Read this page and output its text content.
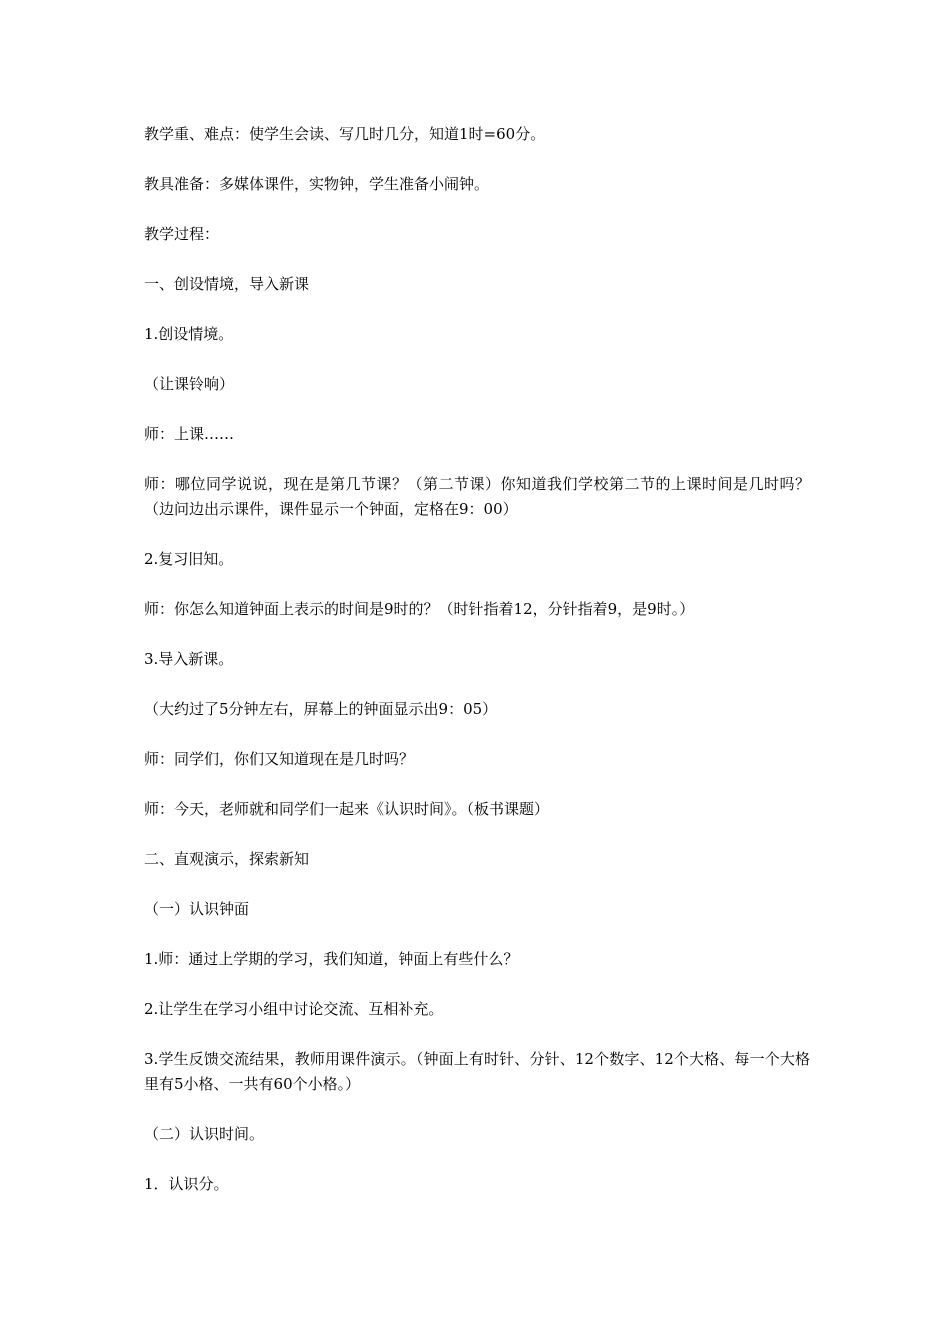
教学重、难点：使学生会读、写几时几分，知道1时=60分。

教具准备：多媒体课件，实物钟，学生准备小闹钟。

教学过程：

一、创设情境，导入新课

1.创设情境。

（让课铃响）

师：上课……

师：哪位同学说说，现在是第几节课？（第二节课）你知道我们学校第二节的上课时间是几时吗？（边问边出示课件，课件显示一个钟面，定格在9：00）

2.复习旧知。

师：你怎么知道钟面上表示的时间是9时的？（时针指着12，分针指着9，是9时。）

3.导入新课。

（大约过了5分钟左右，屏幕上的钟面显示出9：05）

师：同学们，你们又知道现在是几时吗？

师：今天，老师就和同学们一起来《认识时间》。（板书课题）

二、直观演示，探索新知

（一）认识钟面

1.师：通过上学期的学习，我们知道，钟面上有些什么？

2.让学生在学习小组中讨论交流、互相补充。

3.学生反馈交流结果，教师用课件演示。（钟面上有时针、分针、12个数字、12个大格、每一个大格里有5小格、一共有60个小格。）

（二）认识时间。

1．认识分。
